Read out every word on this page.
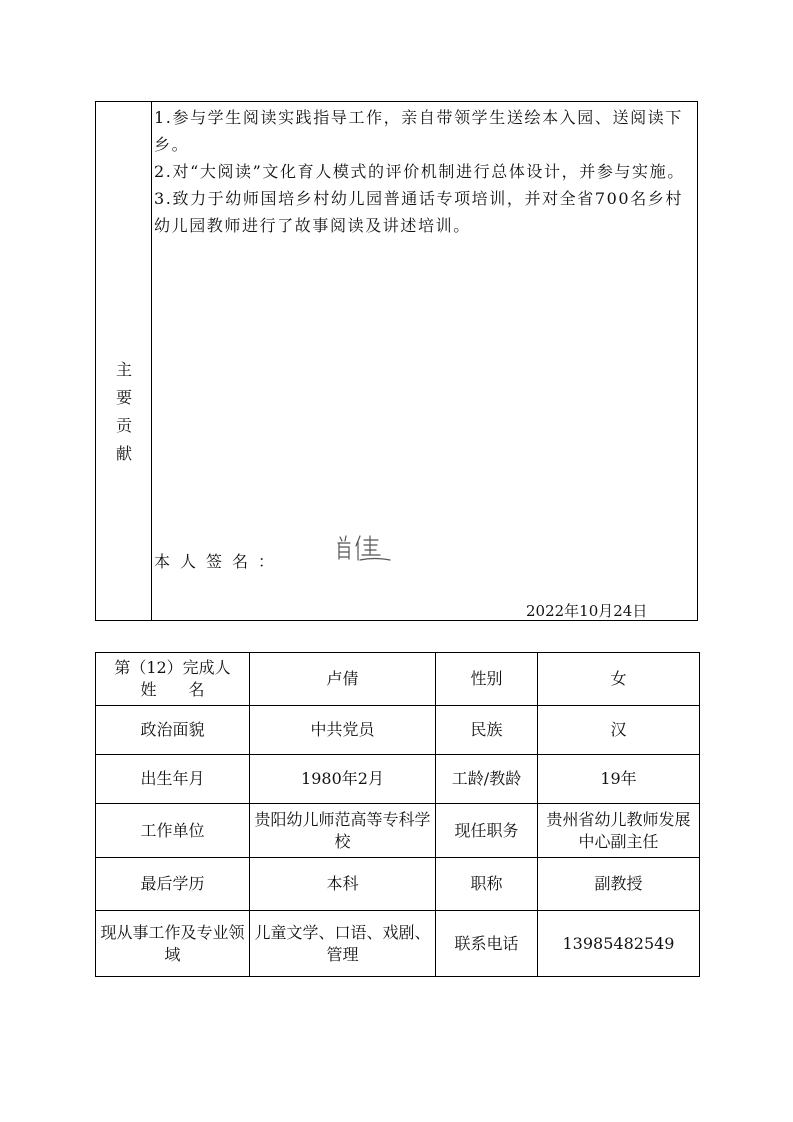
主
要
贡
献

1.参与学生阅读实践指导工作，亲自带领学生送绘本入园、送阅读下乡。

2.对“大阅读”文化育人模式的评价机制进行总体设计，并参与实施。

3.致力于幼师国培乡村幼儿园普通话专项培训，并对全省700名乡村幼儿园教师进行了故事阅读及讲述培训。

本人签名：
2022年10月24日
第（12）完成人
姓　　名	卢倩	性别	女
政治面貌	中共党员	民族	汉
出生年月	1980年2月	工龄/教龄	19年
工作单位	贵阳幼儿师范高等专科学校	现任职务	贵州省幼儿教师发展中心副主任
最后学历	本科	职称	副教授
现从事工作及专业领域	儿童文学、口语、戏剧、管理	联系电话	13985482549
